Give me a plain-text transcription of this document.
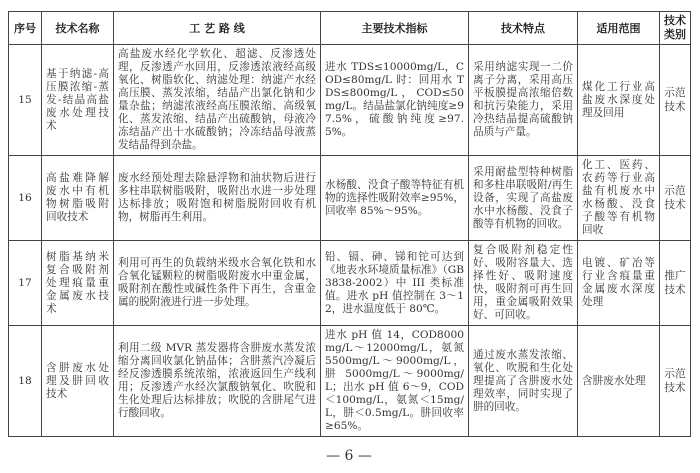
序号	技术名称	工 艺 路 线	主要技术指标	技术特点	适用范围	技术类别
15	基于纳滤-高压膜浓缩-蒸发-结晶高盐废水处理技术	高盐废水经化学软化、超滤、反渗透处理，反渗透产水回用，反渗透浓液经高级氧化、树脂软化、纳滤处理：纳滤产水经高压膜、蒸发浓缩，结晶产出氯化钠和少量杂盐；纳滤浓液经高压膜浓缩、高级氧化、蒸发浓缩、结晶产出硫酸钠，母液冷冻结晶产出十水硫酸钠；冷冻结晶母液蒸发结晶得到杂盐。	进水 TDS≤10000mg/L，COD≤80mg/L 时：回用水 TDS≤800mg/L，COD≤50mg/L。结晶盐氯化钠纯度≥97.5%，硫酸钠纯度≥97.5%。	采用纳滤实现一二价离子分离，采用高压平板膜提高浓缩倍数和抗污染能力，采用冷热结晶提高硫酸钠品质与产量。	煤化工行业高盐废水深度处理及回用	示范技术
16	高盐难降解废水中有机物树脂吸附回收技术	废水经预处理去除悬浮物和油状物后进行多柱串联树脂吸附，吸附出水进一步处理达标排放；吸附饱和树脂脱附回收有机物，树脂再生利用。	水杨酸、没食子酸等特征有机物的选择性吸附效率≥95%，回收率 85%～95%。	采用耐盐型特种树脂和多柱串联吸附/再生设备，实现了高盐废水中水杨酸、没食子酸等有机物的回收。	化工、医药、农药等行业高盐有机废水中水杨酸、没食子酸等有机物回收	示范技术
17	树脂基纳米复合吸附剂处理痕量重金属废水技术	利用可再生的负载纳米级水合氧化铁和水合氧化锰颗粒的树脂吸附废水中重金属，吸附剂在酸性或碱性条件下再生，含重金属的脱附液进行进一步处理。	铅、镉、砷、锑和铊可达到《地表水环境质量标准》（GB 3838-2002）中 III 类标准值。进水 pH 值控制在 3～12，进水温度低于 80℃。	复合吸附剂稳定性好、吸附容量大、选择性好、吸附速度快，吸附剂可再生回用，重金属吸附效果好、可回收。	电镀、矿冶等行业含痕量重金属废水深度处理	推广技术
18	含肼废水处理及肼回收技术	利用二级 MVR 蒸发器将含肼废水蒸发浓缩分离回收氯化钠晶体；含肼蒸汽冷凝后经反渗透膜系统浓缩，浓液返回生产线利用；反渗透产水经次氯酸钠氧化、吹脱和生化处理后达标排放；吹脱的含肼尾气进行酸回收。	进水 pH 值 14，COD8000mg/L～12000mg/L，氨氮 5500mg/L～9000mg/L，肼 5000mg/L～9000mg/L；出水 pH 值 6～9，COD＜100mg/L，氨氮＜15mg/L，肼＜0.5mg/L。肼回收率≥65%。	通过废水蒸发浓缩、氧化、吹脱和生化处理提高了含肼废水处理效率，同时实现了肼的回收。	含肼废水处理	示范技术
— 6 —
